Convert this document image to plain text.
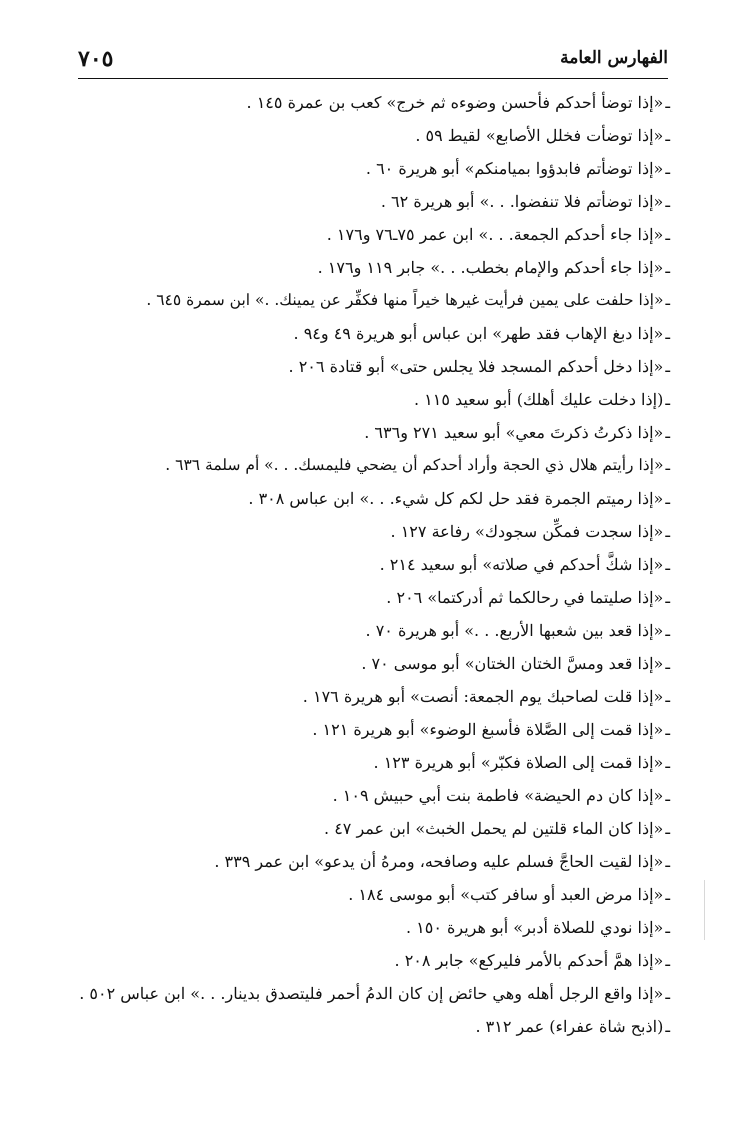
الفهارس العامة
٧٠٥
ـ«إذا توضأ أحدكم فأحسن وضوءه ثم خرج» كعب بن عمرة ١٤٥ .
ـ«إذا توضأت فخلل الأصابع» لقيط ٥٩ .
ـ«إذا توضأتم فابدؤوا بميامنكم» أبو هريرة ٦٠ .
ـ«إذا توضأتم فلا تنفضوا. . .» أبو هريرة ٦٢ .
ـ«إذا جاء أحدكم الجمعة. . .» ابن عمر ٧٥ـ٧٦ و١٧٦ .
ـ«إذا جاء أحدكم والإمام بخطب. . .» جابر ١١٩ و١٧٦ .
ـ«إذا حلفت على يمين فرأيت غيرها خيراً منها فكفِّر عن يمينك. .» ابن سمرة ٦٤٥ .
ـ«إذا دبغ الإهاب فقد طهر» ابن عباس أبو هريرة ٤٩ و٩٤ .
ـ«إذا دخل أحدكم المسجد فلا يجلس حتى» أبو قتادة ٢٠٦ .
ـ(إذا دخلت عليك أهلك) أبو سعيد ١١٥ .
ـ«إذا ذكرتُ ذكرتَ معي» أبو سعيد ٢٧١ و٦٣٦ .
ـ«إذا رأيتم هلال ذي الحجة وأراد أحدكم أن يضحي فليمسك. . .» أم سلمة ٦٣٦ .
ـ«إذا رميتم الجمرة فقد حل لكم كل شيء. . .» ابن عباس ٣٠٨ .
ـ«إذا سجدت فمكِّن سجودك» رفاعة ١٢٧ .
ـ«إذا شكَّ أحدكم في صلاته» أبو سعيد ٢١٤ .
ـ«إذا صليتما في رحالكما ثم أدركتما» ٢٠٦ .
ـ«إذا قعد بين شعبها الأربع. . .» أبو هريرة ٧٠ .
ـ«إذا قعد ومسَّ الختان الختان» أبو موسى ٧٠ .
ـ«إذا قلت لصاحبك يوم الجمعة: أنصت» أبو هريرة ١٧٦ .
ـ«إذا قمت إلى الصَّلاة فأسبغ الوضوء» أبو هريرة ١٢١ .
ـ«إذا قمت إلى الصلاة فكبّر» أبو هريرة ١٢٣ .
ـ«إذا كان دم الحيضة» فاطمة بنت أبي حبيش ١٠٩ .
ـ«إذا كان الماء قلتين لم يحمل الخبث» ابن عمر ٤٧ .
ـ«إذا لقيت الحاجَّ فسلم عليه وصافحه، ومرهُ أن يدعو» ابن عمر ٣٣٩ .
ـ«إذا مرض العبد أو سافر كتب» أبو موسى ١٨٤ .
ـ«إذا نودي للصلاة أدبر» أبو هريرة ١٥٠ .
ـ«إذا همَّ أحدكم بالأمر فليركع» جابر ٢٠٨ .
ـ«إذا واقع الرجل أهله وهي حائض إن كان الدمُ أحمر فليتصدق بدينار. . .» ابن عباس ٥٠٢ .
ـ(اذبح شاة عفراء) عمر ٣١٢ .
